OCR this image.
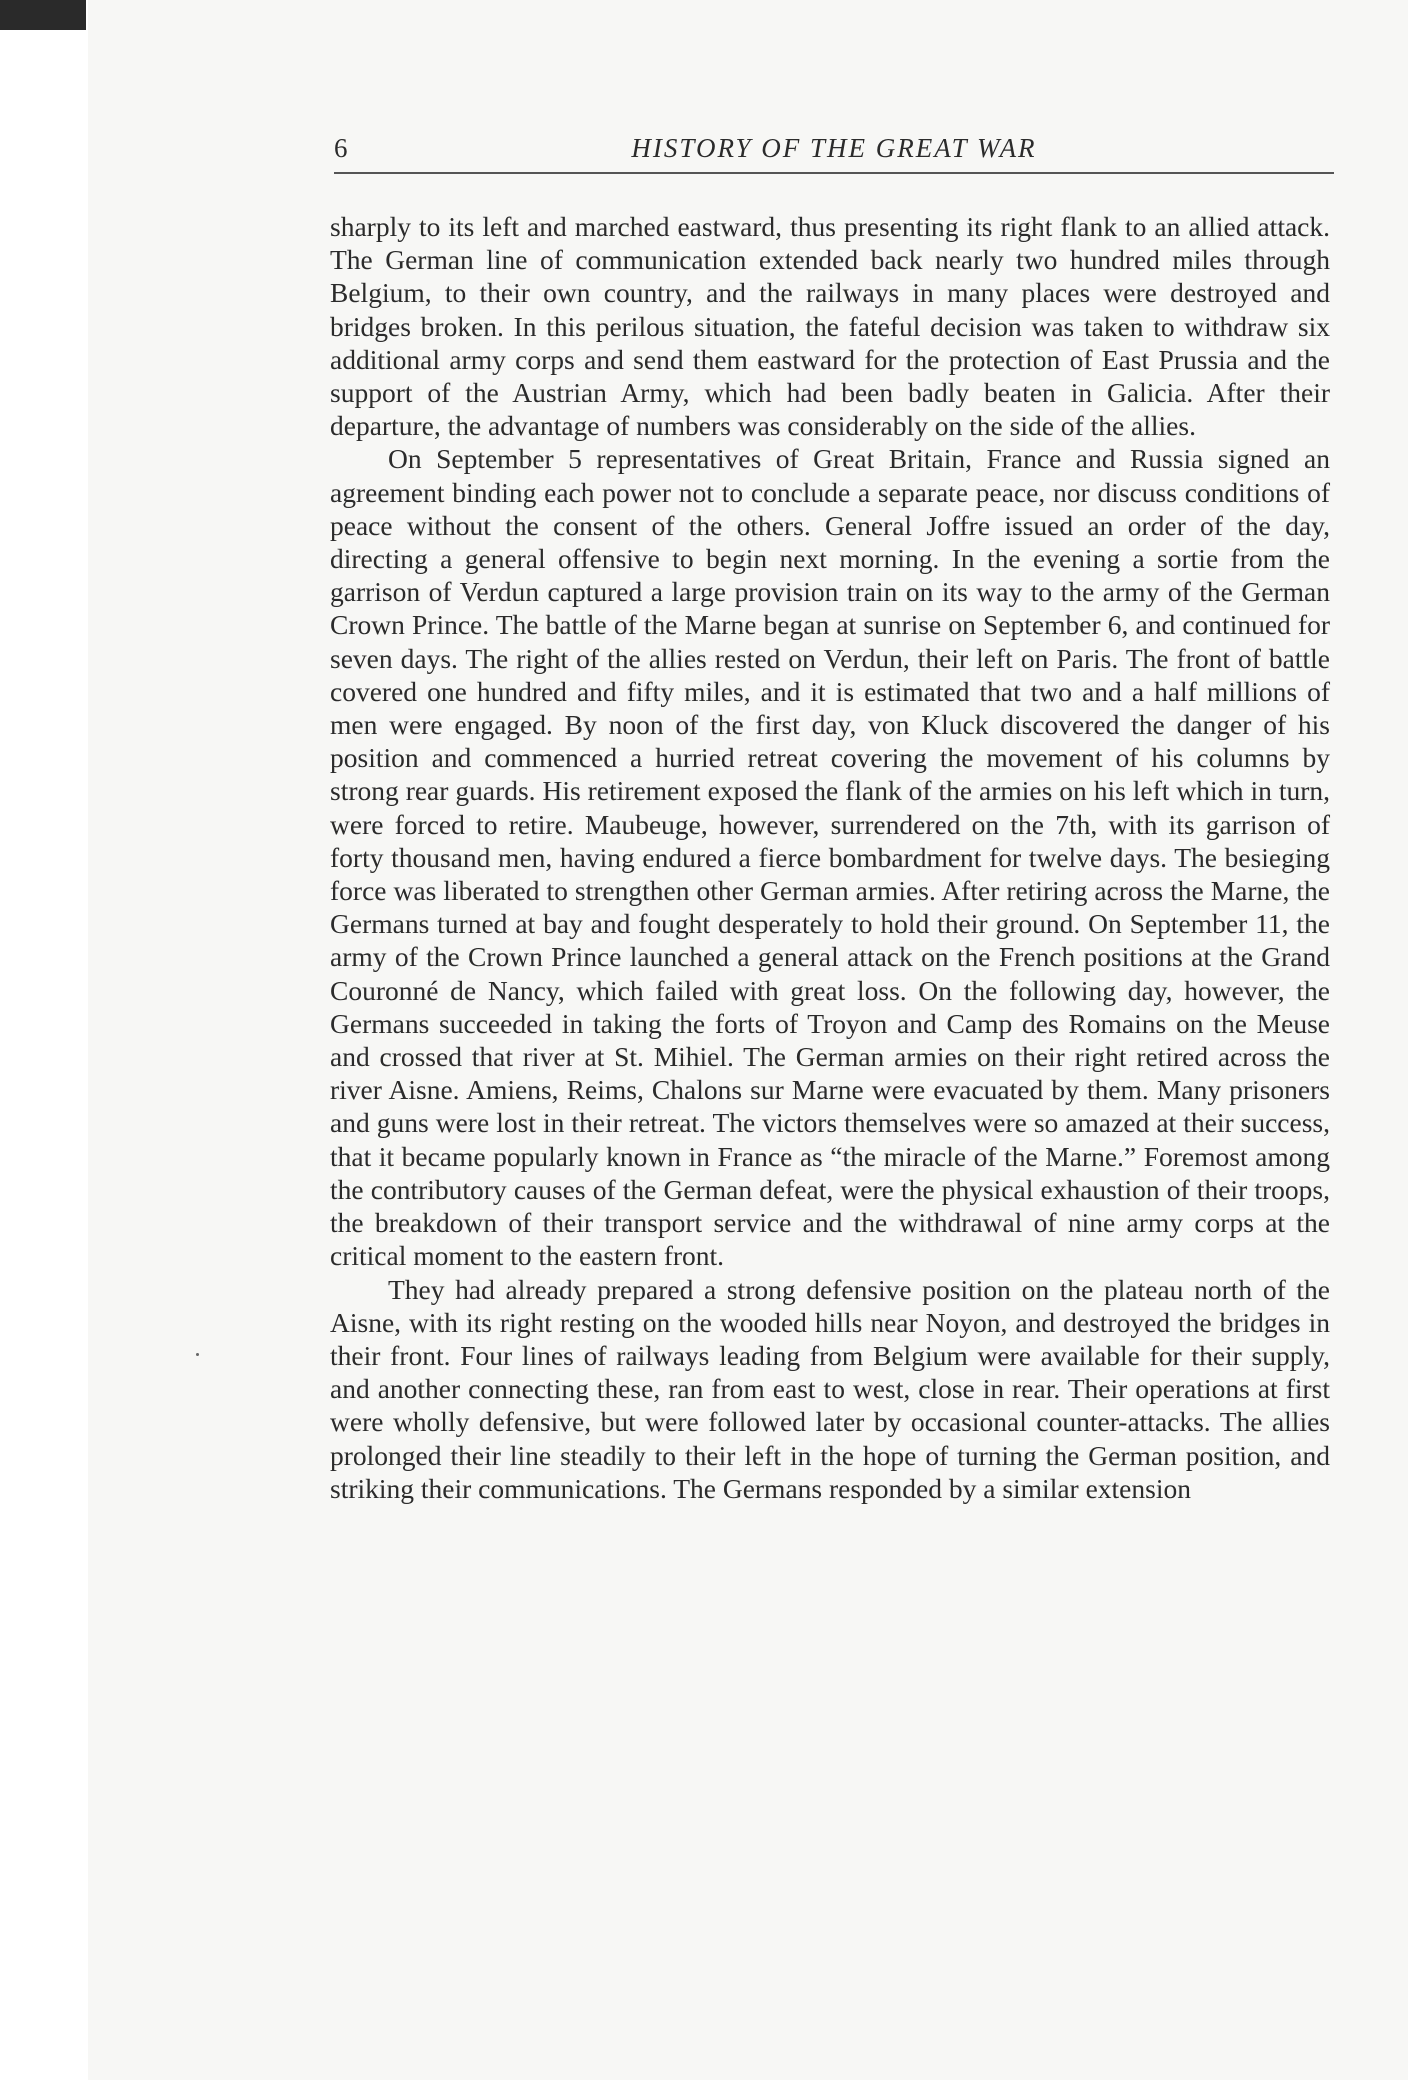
6	HISTORY OF THE GREAT WAR

sharply to its left and marched eastward, thus presenting its right flank to an allied attack. The German line of communication extended back nearly two hundred miles through Belgium, to their own country, and the railways in many places were destroyed and bridges broken. In this perilous situation, the fateful decision was taken to withdraw six additional army corps and send them eastward for the protection of East Prussia and the support of the Austrian Army, which had been badly beaten in Galicia. After their departure, the advantage of numbers was considerably on the side of the allies.

On September 5 representatives of Great Britain, France and Russia signed an agreement binding each power not to conclude a separate peace, nor discuss conditions of peace without the consent of the others. General Joffre issued an order of the day, directing a general offensive to begin next morning. In the evening a sortie from the garrison of Verdun captured a large provision train on its way to the army of the German Crown Prince. The battle of the Marne began at sunrise on September 6, and continued for seven days. The right of the allies rested on Verdun, their left on Paris. The front of battle covered one hundred and fifty miles, and it is estimated that two and a half millions of men were engaged. By noon of the first day, von Kluck discovered the danger of his position and commenced a hurried retreat covering the movement of his columns by strong rear guards. His retirement exposed the flank of the armies on his left which in turn, were forced to retire. Maubeuge, however, surrendered on the 7th, with its garrison of forty thousand men, having endured a fierce bombardment for twelve days. The besieging force was liberated to strengthen other German armies. After retiring across the Marne, the Germans turned at bay and fought desperately to hold their ground. On September 11, the army of the Crown Prince launched a general attack on the French positions at the Grand Couronné de Nancy, which failed with great loss. On the following day, however, the Germans succeeded in taking the forts of Troyon and Camp des Romains on the Meuse and crossed that river at St. Mihiel. The German armies on their right retired across the river Aisne. Amiens, Reims, Chalons sur Marne were evacuated by them. Many prisoners and guns were lost in their retreat. The victors themselves were so amazed at their success, that it became popularly known in France as “the miracle of the Marne.” Foremost among the contributory causes of the German defeat, were the physical exhaustion of their troops, the breakdown of their transport service and the withdrawal of nine army corps at the critical moment to the eastern front.

They had already prepared a strong defensive position on the plateau north of the Aisne, with its right resting on the wooded hills near Noyon, and destroyed the bridges in their front. Four lines of railways leading from Belgium were available for their supply, and another connecting these, ran from east to west, close in rear. Their operations at first were wholly defensive, but were followed later by occasional counter-attacks. The allies prolonged their line steadily to their left in the hope of turning the German position, and striking their communications. The Germans responded by a similar extension
